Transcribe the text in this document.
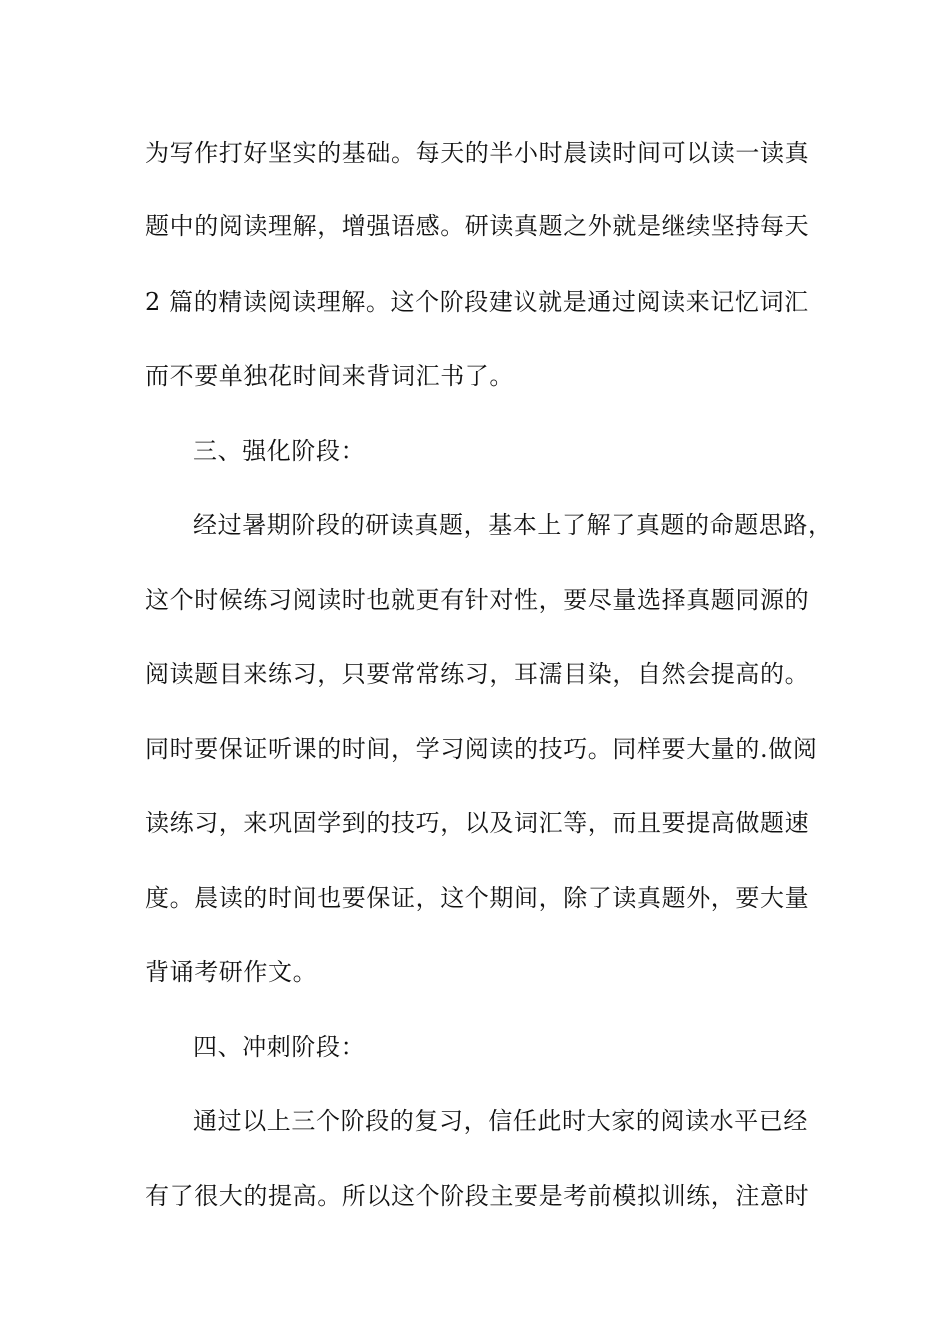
为写作打好坚实的基础。每天的半小时晨读时间可以读一读真
题中的阅读理解，增强语感。研读真题之外就是继续坚持每天
2 篇的精读阅读理解。这个阶段建议就是通过阅读来记忆词汇
而不要单独花时间来背词汇书了。
三、强化阶段：
经过暑期阶段的研读真题，基本上了解了真题的命题思路，
这个时候练习阅读时也就更有针对性，要尽量选择真题同源的
阅读题目来练习，只要常常练习，耳濡目染，自然会提高的。
同时要保证听课的时间，学习阅读的技巧。同样要大量的.做阅
读练习，来巩固学到的技巧，以及词汇等，而且要提高做题速
度。晨读的时间也要保证，这个期间，除了读真题外，要大量
背诵考研作文。
四、冲刺阶段：
通过以上三个阶段的复习，信任此时大家的阅读水平已经
有了很大的提高。所以这个阶段主要是考前模拟训练，注意时
